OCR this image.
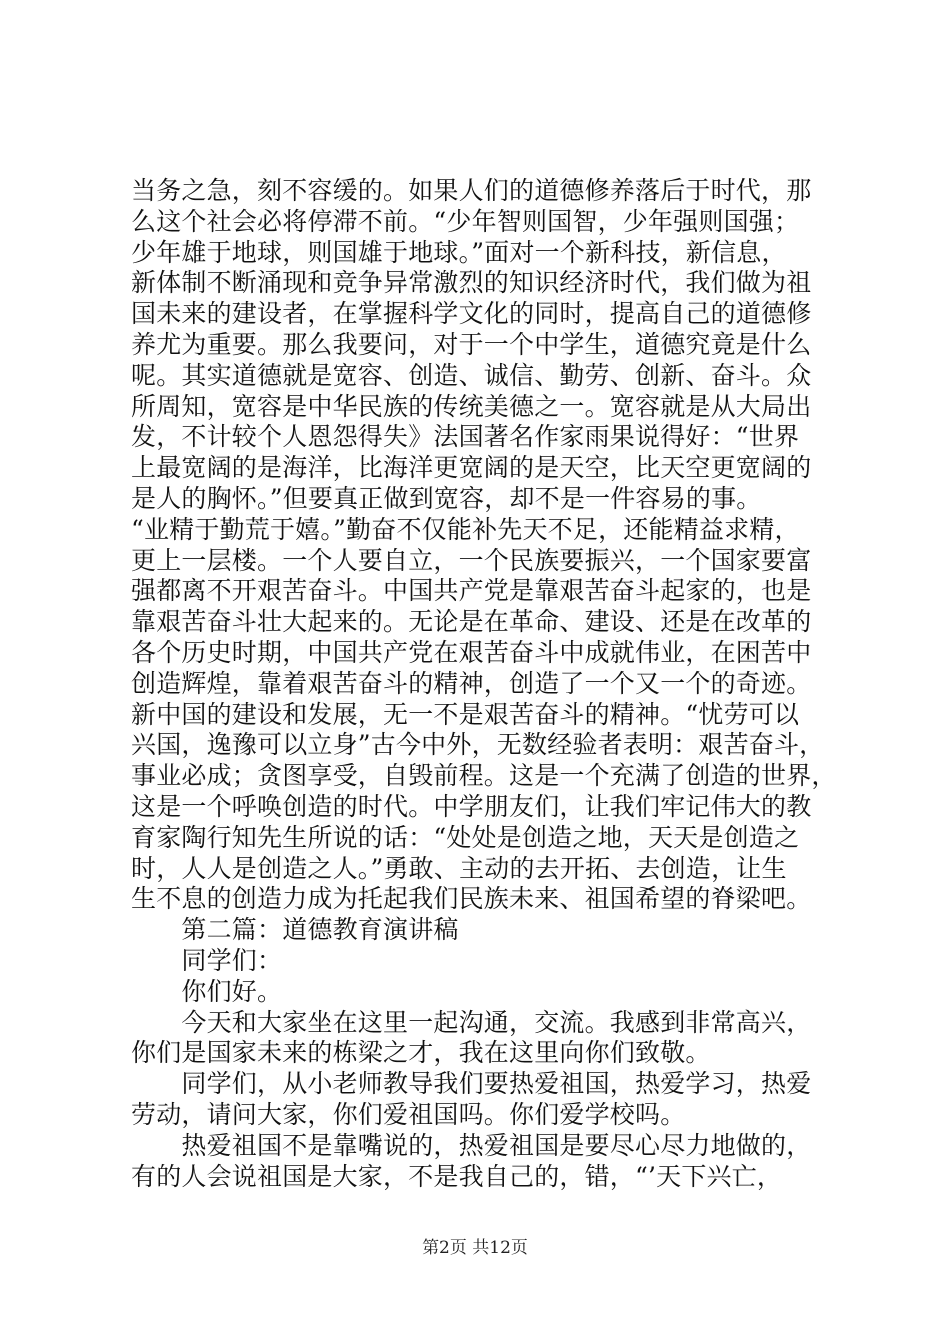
当务之急，刻不容缓的。如果人们的道德修养落后于时代，那
么这个社会必将停滞不前。“少年智则国智，少年强则国强；
少年雄于地球，则国雄于地球。”面对一个新科技，新信息，
新体制不断涌现和竞争异常激烈的知识经济时代，我们做为祖
国未来的建设者，在掌握科学文化的同时，提高自己的道德修
养尤为重要。那么我要问，对于一个中学生，道德究竟是什么
呢。其实道德就是宽容、创造、诚信、勤劳、创新、奋斗。众
所周知，宽容是中华民族的传统美德之一。宽容就是从大局出
发，不计较个人恩怨得失》法国著名作家雨果说得好：“世界
上最宽阔的是海洋，比海洋更宽阔的是天空，比天空更宽阔的
是人的胸怀。”但要真正做到宽容，却不是一件容易的事。
“业精于勤荒于嬉。”勤奋不仅能补先天不足，还能精益求精，
更上一层楼。一个人要自立，一个民族要振兴，一个国家要富
强都离不开艰苦奋斗。中国共产党是靠艰苦奋斗起家的，也是
靠艰苦奋斗壮大起来的。无论是在革命、建设、还是在改革的
各个历史时期，中国共产党在艰苦奋斗中成就伟业，在困苦中
创造辉煌，靠着艰苦奋斗的精神，创造了一个又一个的奇迹。
新中国的建设和发展，无一不是艰苦奋斗的精神。“忧劳可以
兴国，逸豫可以立身”古今中外，无数经验者表明：艰苦奋斗，
事业必成；贪图享受，自毁前程。这是一个充满了创造的世界，
这是一个呼唤创造的时代。中学朋友们，让我们牢记伟大的教
育家陶行知先生所说的话：“处处是创造之地，天天是创造之
时，人人是创造之人。”勇敢、主动的去开拓、去创造，让生
生不息的创造力成为托起我们民族未来、祖国希望的脊梁吧。
　　第二篇：道德教育演讲稿
　　同学们：
　　你们好。
　　今天和大家坐在这里一起沟通，交流。我感到非常高兴，
你们是国家未来的栋梁之才，我在这里向你们致敬。
　　同学们，从小老师教导我们要热爱祖国，热爱学习，热爱
劳动，请问大家，你们爱祖国吗。你们爱学校吗。
　　热爱祖国不是靠嘴说的，热爱祖国是要尽心尽力地做的，
有的人会说祖国是大家，不是我自己的，错，“’天下兴亡，
第2页 共12页
